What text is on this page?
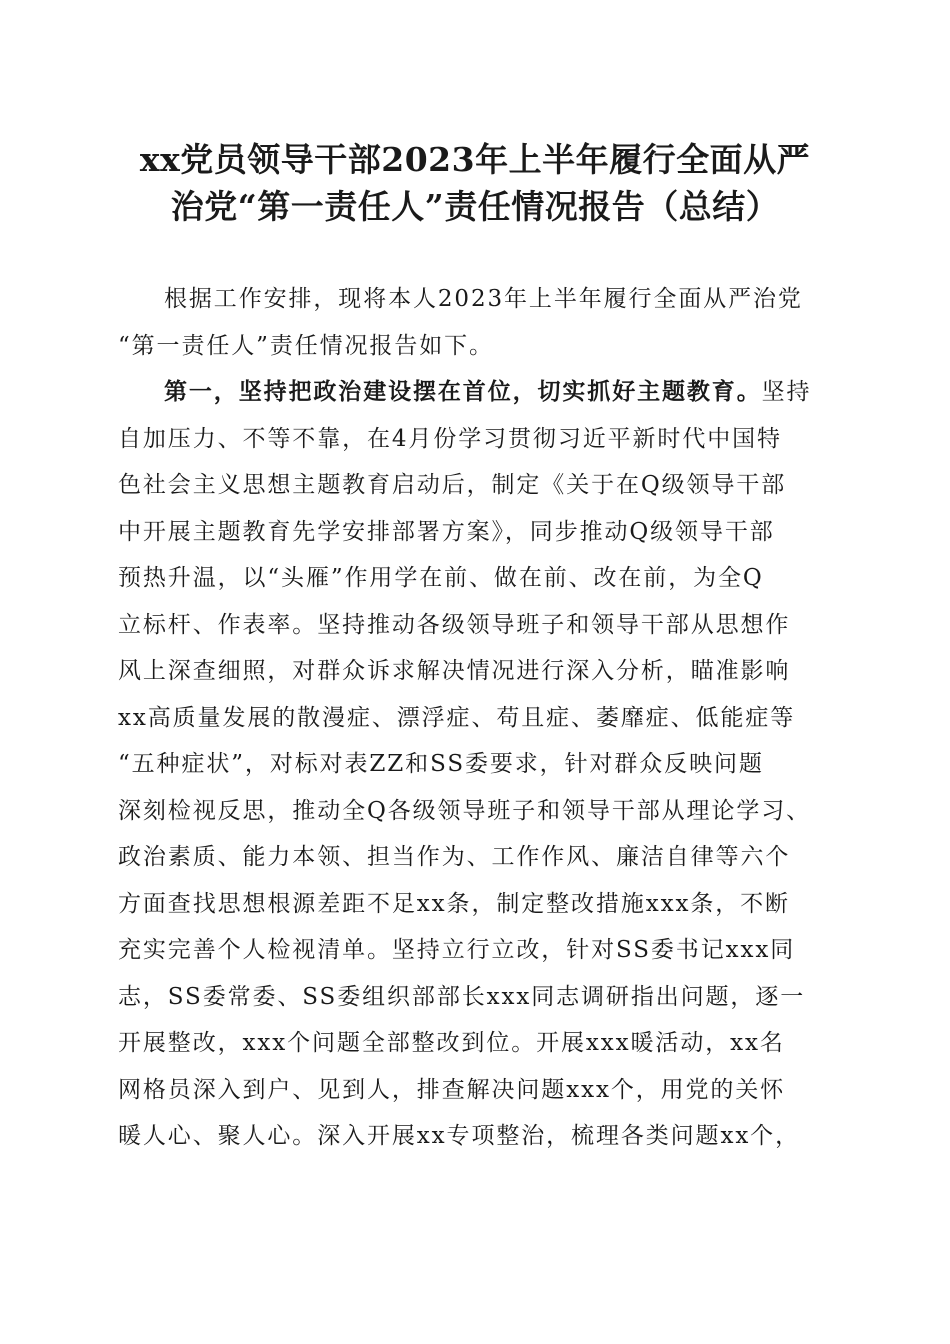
xx党员领导干部2023年上半年履行全面从严
治党“第一责任人”责任情况报告（总结）
根据工作安排，现将本人2023年上半年履行全面从严治党
“第一责任人”责任情况报告如下。
第一，坚持把政治建设摆在首位，切实抓好主题教育。坚持
自加压力、不等不靠，在4月份学习贯彻习近平新时代中国特
色社会主义思想主题教育启动后，制定《关于在Q级领导干部
中开展主题教育先学安排部署方案》，同步推动Q级领导干部
预热升温，以“头雁”作用学在前、做在前、改在前，为全Q
立标杆、作表率。坚持推动各级领导班子和领导干部从思想作
风上深查细照，对群众诉求解决情况进行深入分析，瞄准影响
xx高质量发展的散漫症、漂浮症、苟且症、萎靡症、低能症等
“五种症状”，对标对表ZZ和SS委要求，针对群众反映问题
深刻检视反思，推动全Q各级领导班子和领导干部从理论学习、
政治素质、能力本领、担当作为、工作作风、廉洁自律等六个
方面查找思想根源差距不足xx条，制定整改措施xxx条，不断
充实完善个人检视清单。坚持立行立改，针对SS委书记xxx同
志，SS委常委、SS委组织部部长xxx同志调研指出问题，逐一
开展整改，xxx个问题全部整改到位。开展xxx暖活动，xx名
网格员深入到户、见到人，排查解决问题xxx个，用党的关怀
暖人心、聚人心。深入开展xx专项整治，梳理各类问题xx个，
